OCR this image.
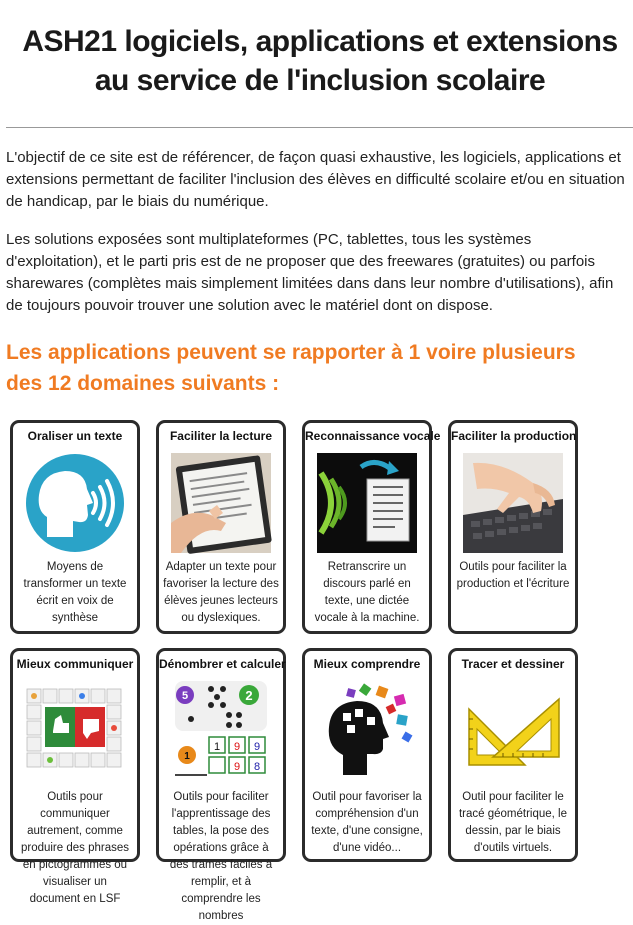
ASH21 logiciels, applications et extensions au service de l'inclusion scolaire
L'objectif de ce site est de référencer, de façon quasi exhaustive, les logiciels, applications et extensions permettant de faciliter l'inclusion des élèves en difficulté scolaire et/ou en situation de handicap, par le biais du numérique.
Les solutions exposées sont multiplateformes (PC, tablettes, tous les systèmes d'exploitation), et le parti pris est de ne proposer que des freewares (gratuites) ou parfois sharewares (complètes mais simplement limitées dans dans leur nombre d'utilisations), afin de toujours pouvoir trouver une solution avec le matériel dont on dispose.
Les applications peuvent se rapporter à 1 voire plusieurs des 12 domaines suivants :
Oraliser un texte
Moyens de transformer un texte écrit en voix de synthèse
Faciliter la lecture
Adapter un texte pour favoriser la lecture des élèves jeunes lecteurs ou dyslexiques.
Reconnaissance vocale
Retranscrire un discours parlé en texte, une dictée vocale à la machine.
Faciliter la production
Outils pour faciliter la production et l'écriture
Mieux communiquer
Outils pour communiquer autrement, comme produire des phrases en pictogrammes ou visualiser un document en LSF
Dénombrer et calculer
5	2
1 9 9
9 8
1
Outils pour faciliter l'apprentissage des tables, la pose des opérations grâce à des trames faciles à remplir, et à comprendre les nombres
Mieux comprendre
Outil pour favoriser la compréhension d'un texte, d'une consigne, d'une vidéo...
Tracer et dessiner
Outil pour faciliter le tracé géométrique, le dessin, par le biais d'outils virtuels.
